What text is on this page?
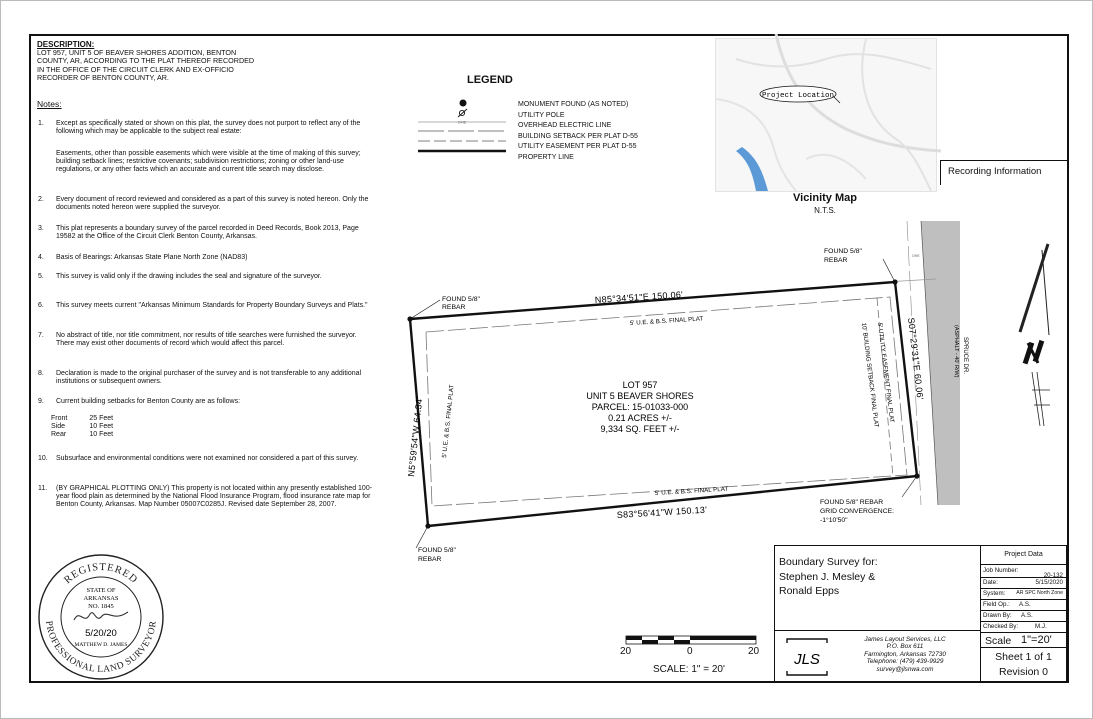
DESCRIPTION:
LOT 957, UNIT 5 OF BEAVER SHORES ADDITION, BENTON
COUNTY, AR, ACCORDING TO THE PLAT THEREOF RECORDED
IN THE OFFICE OF THE CIRCUIT CLERK AND EX-OFFICIO
RECORDER OF BENTON COUNTY, AR.
Notes:
1.	Except as specifically stated or shown on this plat, the survey does not purport to reflect any of the following which may be applicable to the subject real estate:
Easements, other than possible easements which were visible at the time of making of this survey; building setback lines; restrictive covenants; subdivision restrictions; zoning or other land-use regulations, or any other facts which an accurate and current title search may disclose.
2.	Every document of record reviewed and considered as a part of this survey is noted hereon. Only the documents noted hereon were supplied the surveyor.
3.	This plat represents a boundary survey of the parcel recorded in Deed Records, Book 2013, Page 19582 at the Office of the Circuit Clerk Benton County, Arkansas.
4.	Basis of Bearings: Arkansas State Plane North Zone (NAD83)
5.	This survey is valid only if the drawing includes the seal and signature of the surveyor.
6.	This survey meets current "Arkansas Minimum Standards for Property Boundary Surveys and Plats."
7.	No abstract of title, nor title commitment, nor results of title searches were furnished the surveyor. There may exist other documents of record which would affect this parcel.
8.	Declaration is made to the original purchaser of the survey and is not transferable to any additional institutions or subsequent owners.
9.	Current building setbacks for Benton County are as follows:
Front	25 Feet
Side	10 Feet
Rear	10 Feet
10.	Subsurface and environmental conditions were not examined nor considered a part of this survey.
11.	(BY GRAPHICAL PLOTTING ONLY) This property is not located within any presently established 100-year flood plain as determined by the National Flood Insurance Program, flood insurance rate map for Benton County, Arkansas. Map Number 05007C0285J. Revised date September 28, 2007.
REGISTERED
PROFESSIONAL LAND SURVEYOR
STATE OF
ARKANSAS
NO. 1845
5/20/20
MATTHEW D. JAMES
LEGEND
OHE
MONUMENT FOUND (AS NOTED)
UTILITY POLE
OVERHEAD ELECTRIC LINE
BUILDING SETBACK PER PLAT D-55
UTILITY EASEMENT PER PLAT D-55
PROPERTY LINE
Project Location
Vicinity Map
N.T.S.
Recording Information
OHE
SPRUCE DR.
(ASPHALT - 40' R/W)
N85°34'51"E 150.06'
S83°56'41"W 150.13'
N5°59'54"W 64.34'
S07°29'31"E 60.06'
5' U.E. & B.S. FINAL PLAT
5' U.E. & B.S. FINAL PLAT
5' U.E. & B.S. FINAL PLAT	5' UTILITY EASEMENT FINAL PLAT
10' BUILDING SETBACK FINAL PLAT
LOT 957
UNIT 5 BEAVER SHORES
PARCEL: 15-01033-000
0.21 ACRES +/-
9,334 SQ. FEET +/-
FOUND 5/8"
REBAR
FOUND 5/8"
REBAR
FOUND 5/8"
REBAR
FOUND 5/8" REBAR
GRID CONVERGENCE:
-1°10'50"
20	0	20
SCALE: 1" = 20'
Boundary Survey for:
Stephen J. Mesley &
Ronald Epps
JLS
James Layout Services, LLC
P.O. Box 611
Farmington, Arkansas 72730
Telephone: (479) 439-9929
survey@jlsnwa.com
Project Data
Job Number:
20-132
Date:	5/15/2020
System: AR SPC North Zone
Field Op.: A.S.
Drawn By: A.S.
Checked By:	M.J.
Scale 1"=20'
Sheet 1 of 1
Revision 0
